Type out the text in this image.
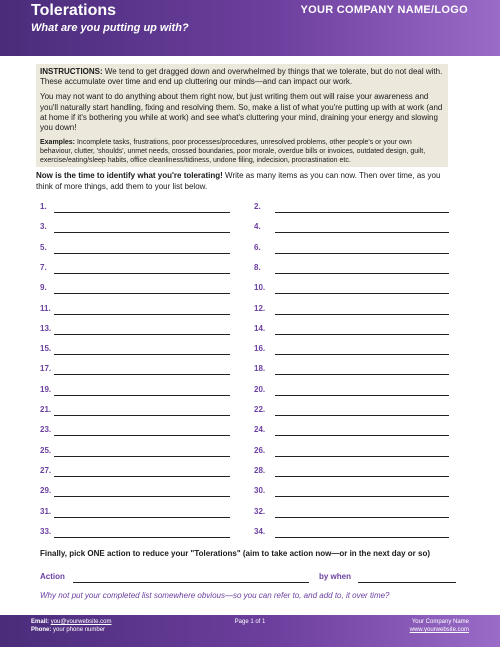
Tolerations
What are you putting up with?
YOUR COMPANY NAME/LOGO

INSTRUCTIONS: We tend to get dragged down and overwhelmed by things that we tolerate, but do not deal with. These accumulate over time and end up cluttering our minds—and can impact our work.

You may not want to do anything about them right now, but just writing them out will raise your awareness and you'll naturally start handling, fixing and resolving them. So, make a list of what you're putting up with at work (and at home if it's bothering you while at work) and see what's cluttering your mind, draining your energy and slowing you down!

Examples: Incomplete tasks, frustrations, poor processes/procedures, unresolved problems, other people's or your own behaviour, clutter, 'shoulds', unmet needs, crossed boundaries, poor morale, overdue bills or invoices, outdated design, guilt, exercise/eating/sleep habits, office cleanliness/tidiness, undone filing, indecision, procrastination etc.

Now is the time to identify what you're tolerating! Write as many items as you can now. Then over time, as you think of more things, add them to your list below.
1.	2.
3.	4.
5.	6.
7.	8.
9.	10.
11.	12.
13.	14.
15.	16.
17.	18.
19.	20.
21.	22.
23.	24.
25.	26.
27.	28.
29.	30.
31.	32.
33.	34.
Finally, pick ONE action to reduce your "Tolerations" (aim to take action now—or in the next day or so)
Action	by when
Why not put your completed list somewhere obvious—so you can refer to, and add to, it over time?
Email: you@yourwebsite.com
Phone: your phone number
Page 1 of 1	Your Company Name
www.yourwebsite.com
